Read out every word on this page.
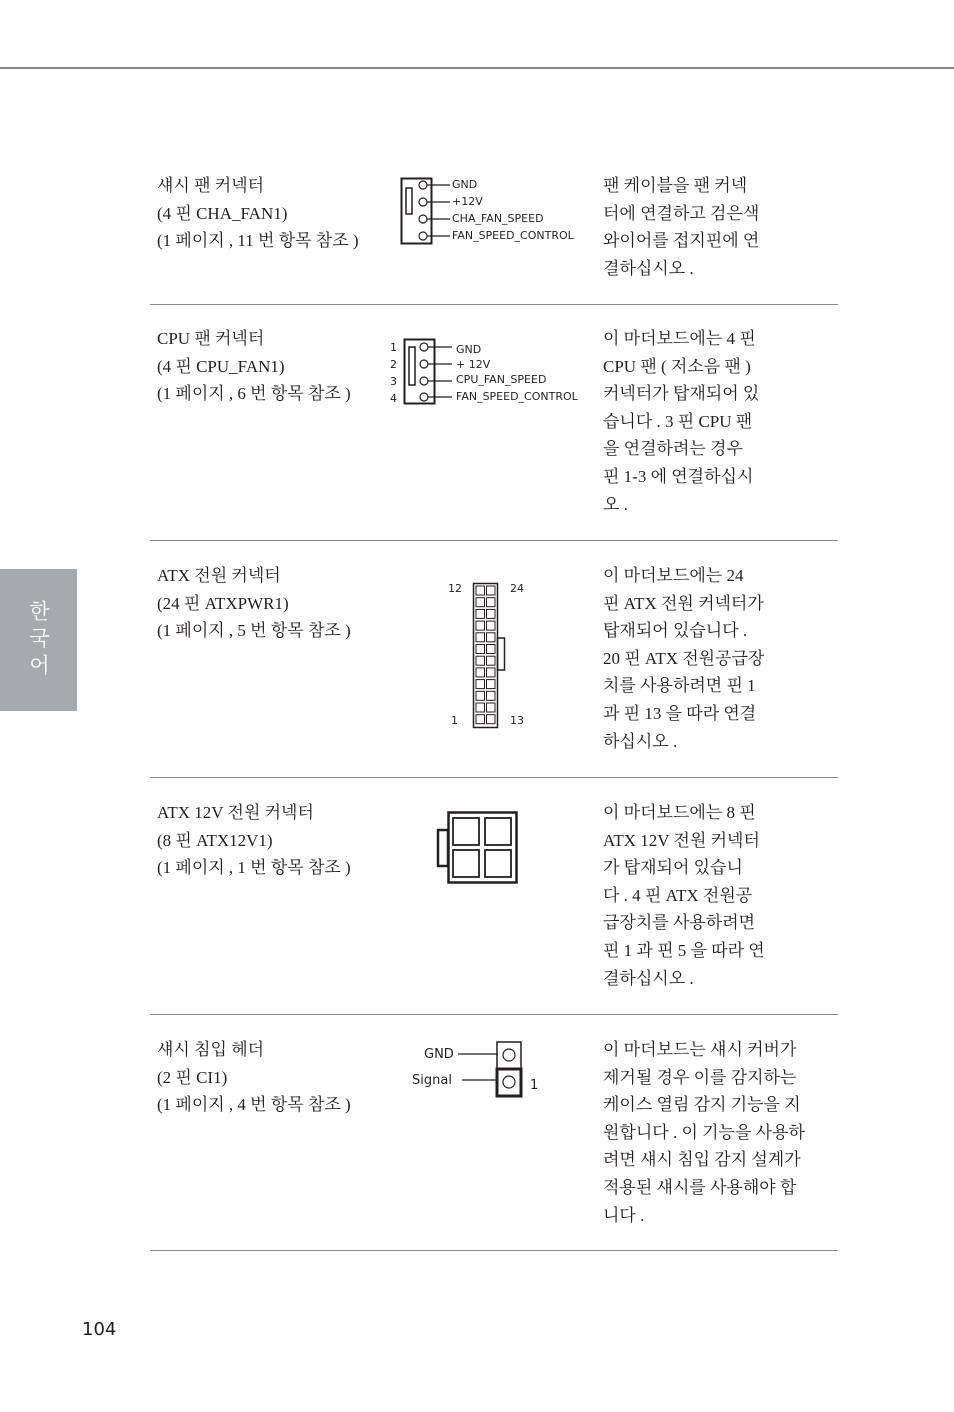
한국어
섀시 팬 커넥터
(4 핀 CHA_FAN1)
(1 페이지 , 11 번 항목 참조 )
GND
+12V
CHA_FAN_SPEED
FAN_SPEED_CONTROL
팬 케이블을 팬 커넥
터에 연결하고 검은색
와이어를 접지핀에 연
결하십시오 .
CPU 팬 커넥터
(4 핀 CPU_FAN1)
(1 페이지 , 6 번 항목 참조 )
1
2
3
4
GND
+ 12V
CPU_FAN_SPEED
FAN_SPEED_CONTROL
이 마더보드에는 4 핀
CPU 팬 ( 저소음 팬 )
커넥터가 탑재되어 있
습니다 . 3 핀 CPU 팬
을 연결하려는 경우
핀 1-3 에 연결하십시
오 .
ATX 전원 커넥터
(24 핀 ATXPWR1)
(1 페이지 , 5 번 항목 참조 )
12	24
1	13
이 마더보드에는 24
핀 ATX 전원 커넥터가
탑재되어 있습니다 .
20 핀 ATX 전원공급장
치를 사용하려면 핀 1
과 핀 13 을 따라 연결
하십시오 .
ATX 12V 전원 커넥터
(8 핀 ATX12V1)
(1 페이지 , 1 번 항목 참조 )
이 마더보드에는 8 핀
ATX 12V 전원 커넥터
가 탑재되어 있습니
다 . 4 핀 ATX 전원공
급장치를 사용하려면
핀 1 과 핀 5 을 따라 연
결하십시오 .
섀시 침입 헤더
(2 핀 CI1)
(1 페이지 , 4 번 항목 참조 )
GND
Signal	1
이 마더보드는 섀시 커버가
제거될 경우 이를 감지하는
케이스 열림 감지 기능을 지
원합니다 . 이 기능을 사용하
려면 섀시 침입 감지 설계가
적용된 섀시를 사용해야 합
니다 .
104
